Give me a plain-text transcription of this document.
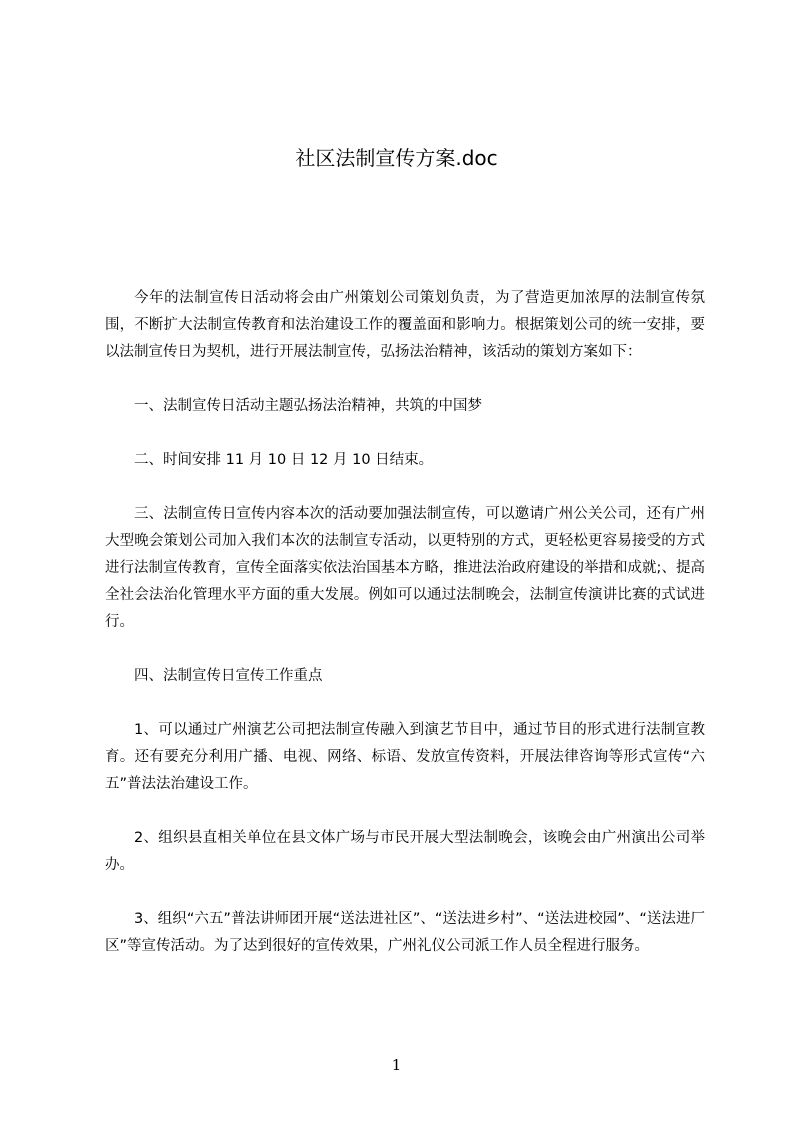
社区法制宣传方案.doc

今年的法制宣传日活动将会由广州策划公司策划负责，为了营造更加浓厚的法制宣传氛围，不断扩大法制宣传教育和法治建设工作的覆盖面和影响力。根据策划公司的统一安排，要以法制宣传日为契机，进行开展法制宣传，弘扬法治精神，该活动的策划方案如下：

一、法制宣传日活动主题弘扬法治精神，共筑的中国梦

二、时间安排 11 月 10 日 12 月 10 日结束。

三、法制宣传日宣传内容本次的活动要加强法制宣传，可以邀请广州公关公司，还有广州大型晚会策划公司加入我们本次的法制宣专活动，以更特别的方式，更轻松更容易接受的方式进行法制宣传教育，宣传全面落实依法治国基本方略，推进法治政府建设的举措和成就;、提高全社会法治化管理水平方面的重大发展。例如可以通过法制晚会，法制宣传演讲比赛的式试进行。

四、法制宣传日宣传工作重点

1、可以通过广州演艺公司把法制宣传融入到演艺节目中，通过节目的形式进行法制宣教育。还有要充分利用广播、电视、网络、标语、发放宣传资料，开展法律咨询等形式宣传“六五”普法法治建设工作。

2、组织县直相关单位在县文体广场与市民开展大型法制晚会，该晚会由广州演出公司举办。

3、组织“六五”普法讲师团开展“送法进社区”、“送法进乡村”、“送法进校园”、“送法进厂区”等宣传活动。为了达到很好的宣传效果，广州礼仪公司派工作人员全程进行服务。

1
